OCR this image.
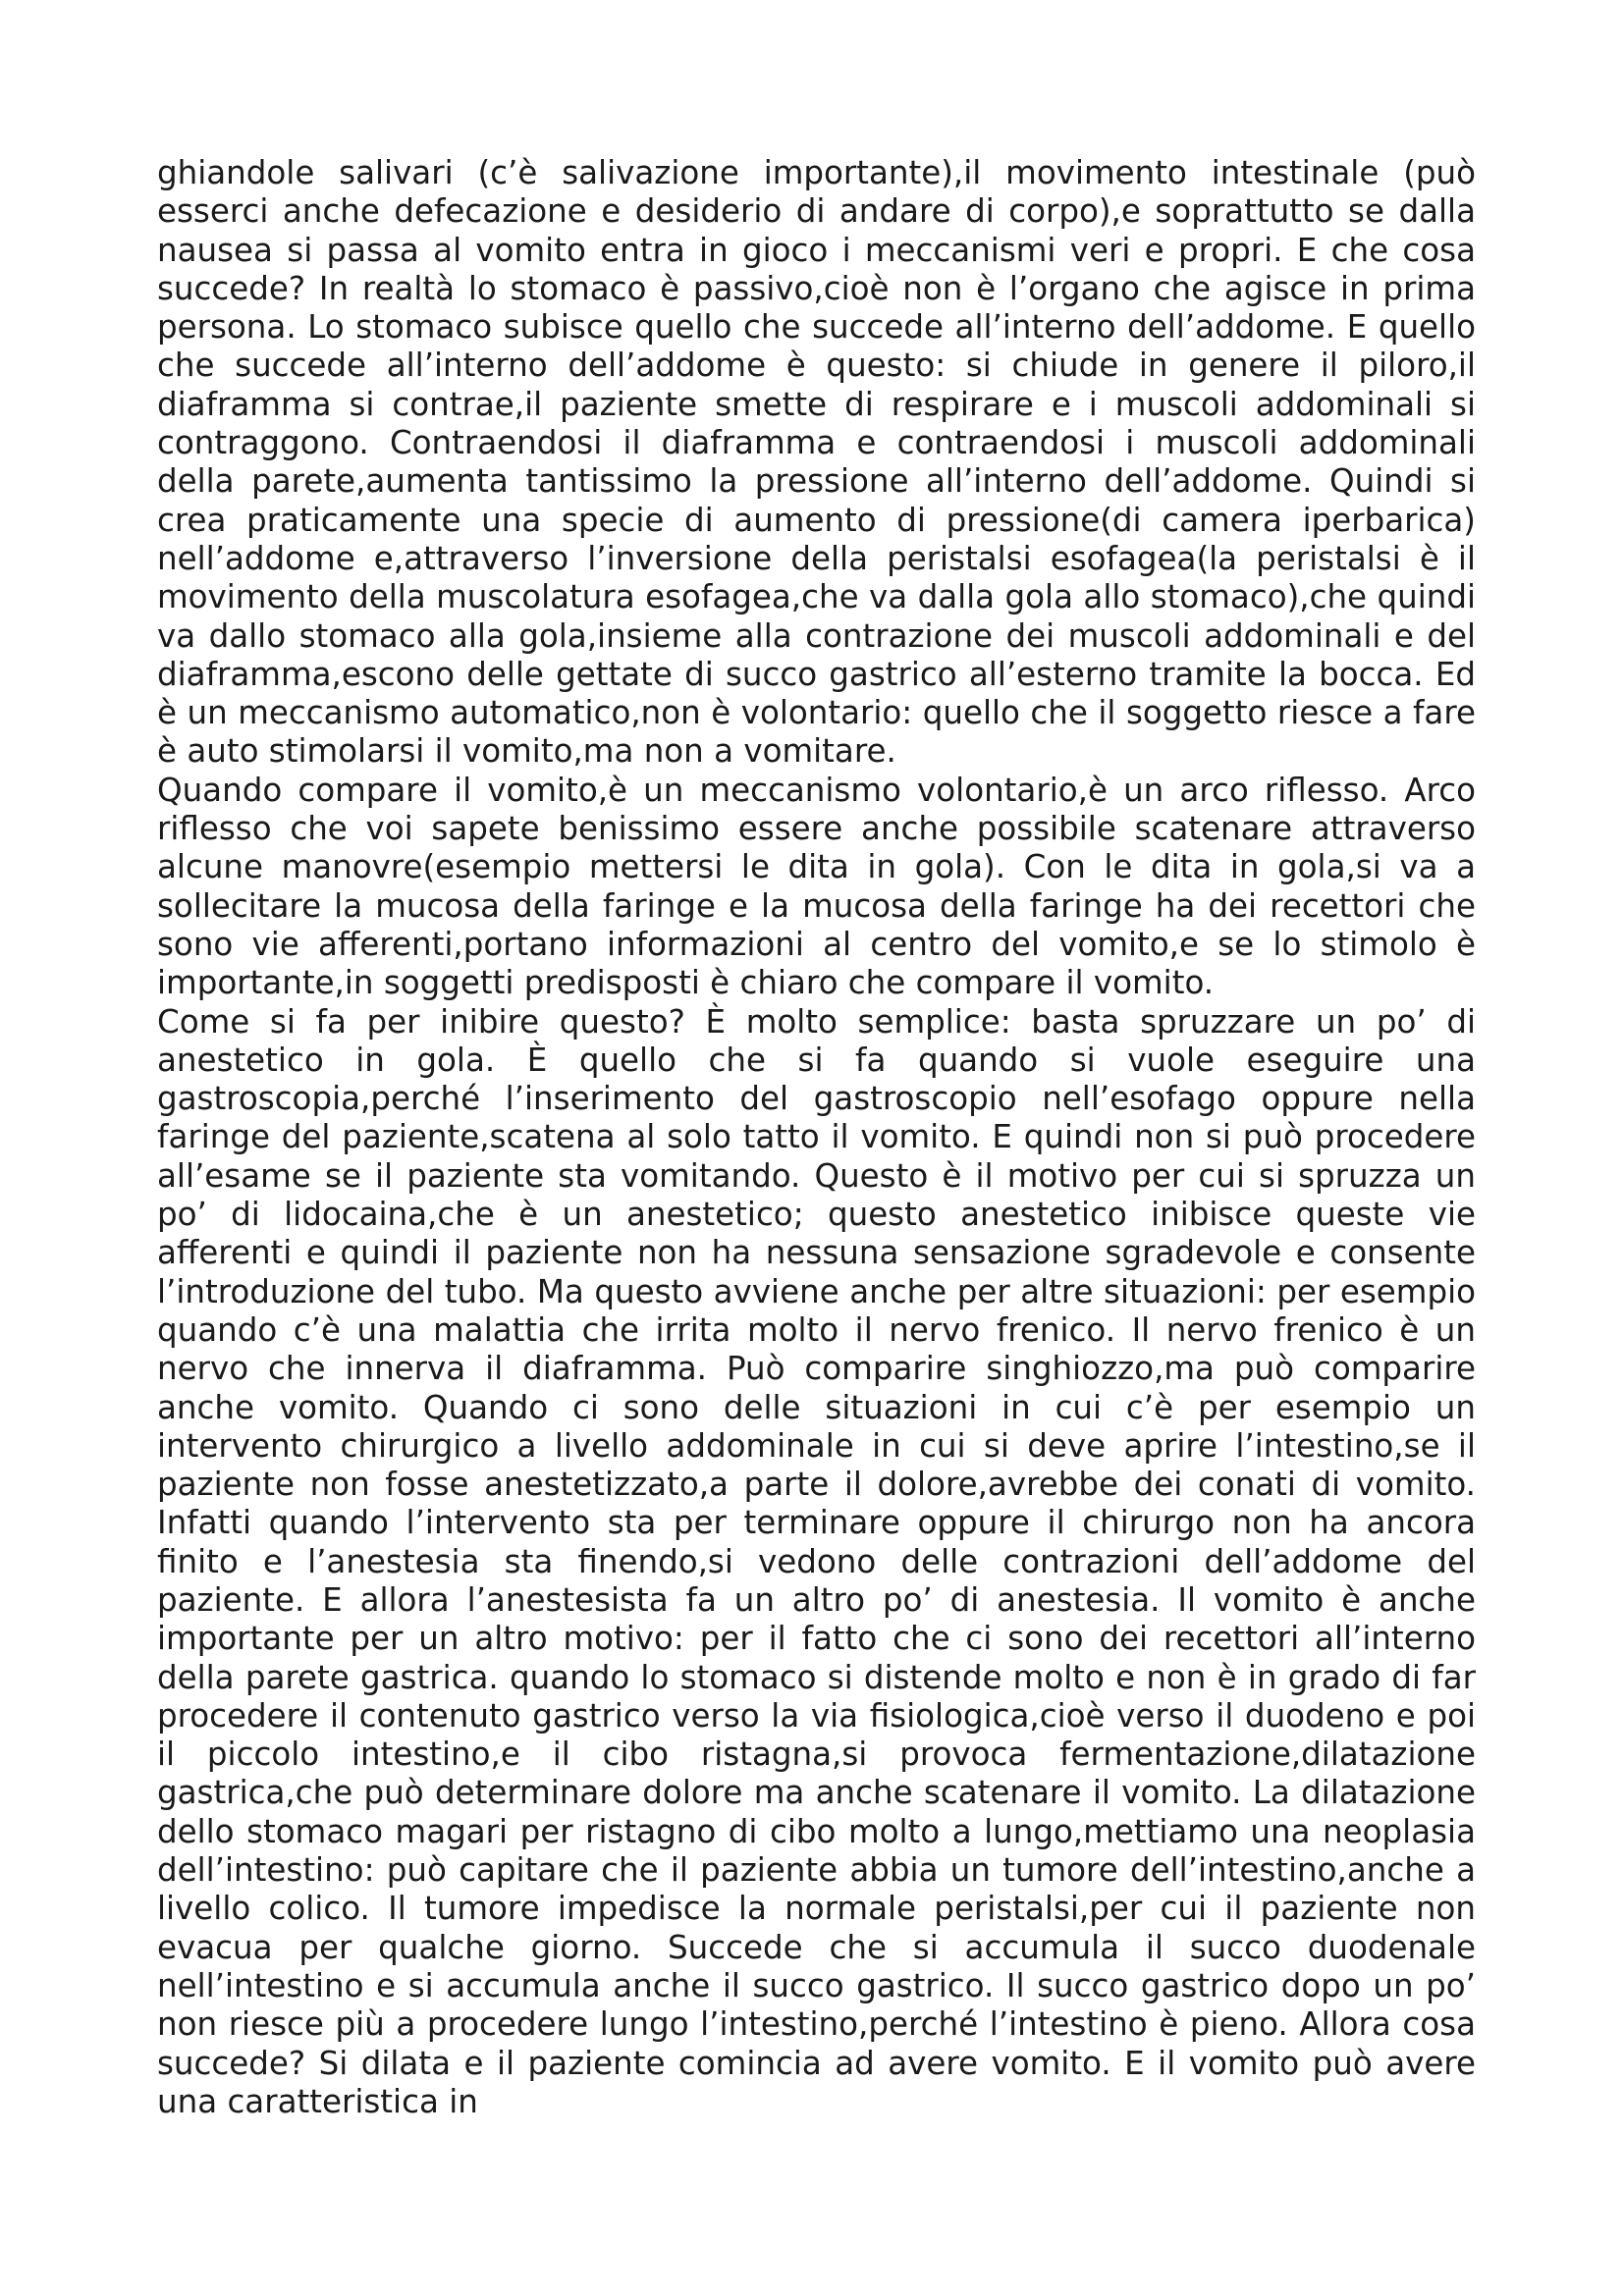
ghiandole salivari (c’è salivazione importante),il movimento intestinale (può esserci anche defecazione e desiderio di andare di corpo),e soprattutto se dalla nausea si passa al vomito entra in gioco i meccanismi veri e propri. E che cosa succede? In realtà lo stomaco è passivo,cioè non è l’organo che agisce in prima persona. Lo stomaco subisce quello che succede all’interno dell’addome. E quello che succede all’interno dell’addome è questo: si chiude in genere il piloro,il diaframma si contrae,il paziente smette di respirare e i muscoli addominali si contraggono. Contraendosi il diaframma e contraendosi i muscoli addominali della parete,aumenta tantissimo la pressione all’interno dell’addome. Quindi si crea praticamente una specie di aumento di pressione(di camera iperbarica) nell’addome e,attraverso l’inversione della peristalsi esofagea(la peristalsi è il movimento della muscolatura esofagea,che va dalla gola allo stomaco),che quindi va dallo stomaco alla gola,insieme alla contrazione dei muscoli addominali e del diaframma,escono delle gettate di succo gastrico all’esterno tramite la bocca. Ed è un meccanismo automatico,non è volontario: quello che il soggetto riesce a fare è auto stimolarsi il vomito,ma non a vomitare.

Quando compare il vomito,è un meccanismo volontario,è un arco riflesso. Arco riflesso che voi sapete benissimo essere anche possibile scatenare attraverso alcune manovre(esempio mettersi le dita in gola). Con le dita in gola,si va a sollecitare la mucosa della faringe e la mucosa della faringe ha dei recettori che sono vie afferenti,portano informazioni al centro del vomito,e se lo stimolo è importante,in soggetti predisposti è chiaro che compare il vomito.

Come si fa per inibire questo? È molto semplice: basta spruzzare un po’ di anestetico in gola. È quello che si fa quando si vuole eseguire una gastroscopia,perché l’inserimento del gastroscopio nell’esofago oppure nella faringe del paziente,scatena al solo tatto il vomito. E quindi non si può procedere all’esame se il paziente sta vomitando. Questo è il motivo per cui si spruzza un po’ di lidocaina,che è un anestetico; questo anestetico inibisce queste vie afferenti e quindi il paziente non ha nessuna sensazione sgradevole e consente l’introduzione del tubo. Ma questo avviene anche per altre situazioni: per esempio quando c’è una malattia che irrita molto il nervo frenico. Il nervo frenico è un nervo che innerva il diaframma. Può comparire singhiozzo,ma può comparire anche vomito. Quando ci sono delle situazioni in cui c’è per esempio un intervento chirurgico a livello addominale in cui si deve aprire l’intestino,se il paziente non fosse anestetizzato,a parte il dolore,avrebbe dei conati di vomito. Infatti quando l’intervento sta per terminare oppure il chirurgo non ha ancora finito e l’anestesia sta finendo,si vedono delle contrazioni dell’addome del paziente. E allora l’anestesista fa un altro po’ di anestesia. Il vomito è anche importante per un altro motivo: per il fatto che ci sono dei recettori all’interno della parete gastrica. quando lo stomaco si distende molto e non è in grado di far procedere il contenuto gastrico verso la via fisiologica,cioè verso il duodeno e poi il piccolo intestino,e il cibo ristagna,si provoca fermentazione,dilatazione gastrica,che può determinare dolore ma anche scatenare il vomito. La dilatazione dello stomaco magari per ristagno di cibo molto a lungo,mettiamo una neoplasia dell’intestino: può capitare che il paziente abbia un tumore dell’intestino,anche a livello colico. Il tumore impedisce la normale peristalsi,per cui il paziente non evacua per qualche giorno. Succede che si accumula il succo duodenale nell’intestino e si accumula anche il succo gastrico. Il succo gastrico dopo un po’ non riesce più a procedere lungo l’intestino,perché l’intestino è pieno. Allora cosa succede? Si dilata e il paziente comincia ad avere vomito. E il vomito può avere una caratteristica in
